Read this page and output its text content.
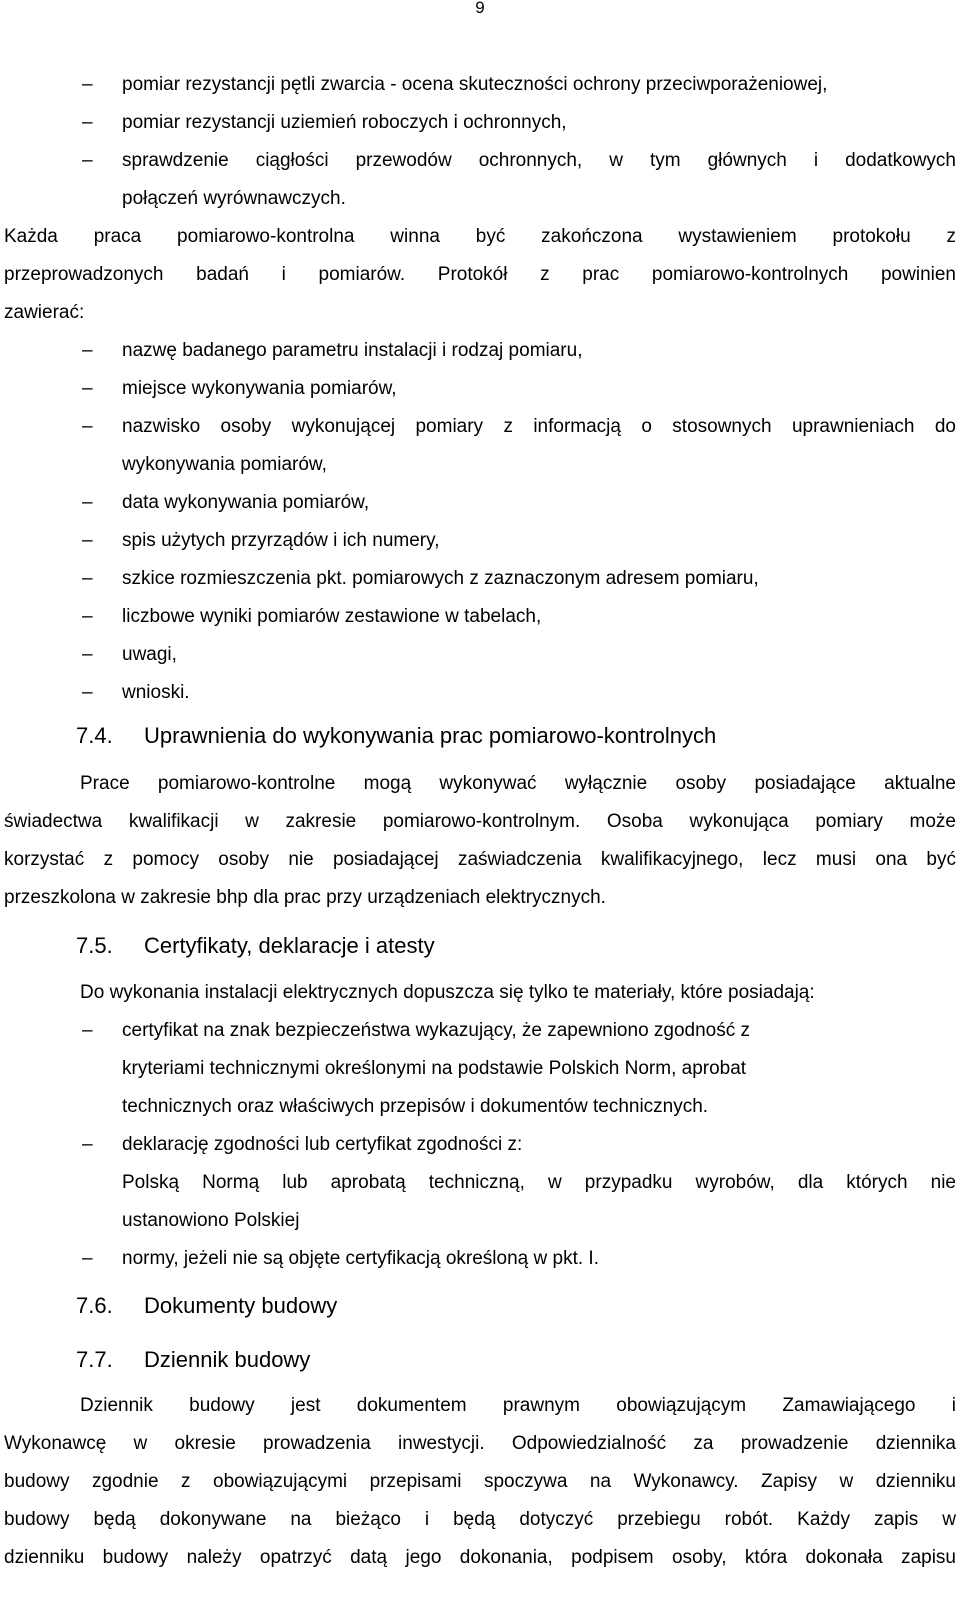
9
–	pomiar rezystancji pętli zwarcia - ocena skuteczności ochrony przeciwporażeniowej,
–	pomiar rezystancji uziemień roboczych i ochronnych,
–	sprawdzenie ciągłości przewodów ochronnych, w tym głównych i dodatkowych
połączeń wyrównawczych.
Każda praca pomiarowo-kontrolna winna być zakończona wystawieniem protokołu z
przeprowadzonych badań i pomiarów. Protokół z prac pomiarowo-kontrolnych powinien
zawierać:
–	nazwę badanego parametru instalacji i rodzaj pomiaru,
–	miejsce wykonywania pomiarów,
–	nazwisko osoby wykonującej pomiary z informacją o stosownych uprawnieniach do
wykonywania pomiarów,
–	data wykonywania pomiarów,
–	spis użytych przyrządów i ich numery,
–	szkice rozmieszczenia pkt. pomiarowych z zaznaczonym adresem pomiaru,
–	liczbowe wyniki pomiarów zestawione w tabelach,
–	uwagi,
–	wnioski.
7.4. Uprawnienia do wykonywania prac pomiarowo-kontrolnych
Prace pomiarowo-kontrolne mogą wykonywać wyłącznie osoby posiadające aktualne
świadectwa kwalifikacji w zakresie pomiarowo-kontrolnym. Osoba wykonująca pomiary może
korzystać z pomocy osoby nie posiadającej zaświadczenia kwalifikacyjnego, lecz musi ona być
przeszkolona w zakresie bhp dla prac przy urządzeniach elektrycznych.
7.5. Certyfikaty, deklaracje i atesty
Do wykonania instalacji elektrycznych dopuszcza się tylko te materiały, które posiadają:
–	certyfikat na znak bezpieczeństwa wykazujący, że zapewniono zgodność z
kryteriami technicznymi określonymi na podstawie Polskich Norm, aprobat
technicznych oraz właściwych przepisów i dokumentów technicznych.
–	deklarację zgodności lub certyfikat zgodności z:
Polską Normą lub aprobatą techniczną, w przypadku wyrobów, dla których nie
ustanowiono Polskiej
–	normy, jeżeli nie są objęte certyfikacją określoną w pkt. I.
7.6. Dokumenty budowy
7.7. Dziennik budowy
Dziennik budowy jest dokumentem prawnym obowiązującym Zamawiającego i
Wykonawcę w okresie prowadzenia inwestycji. Odpowiedzialność za prowadzenie dziennika
budowy zgodnie z obowiązującymi przepisami spoczywa na Wykonawcy. Zapisy w dzienniku
budowy będą dokonywane na bieżąco i będą dotyczyć przebiegu robót. Każdy zapis w
dzienniku budowy należy opatrzyć datą jego dokonania, podpisem osoby, która dokonała zapisu
